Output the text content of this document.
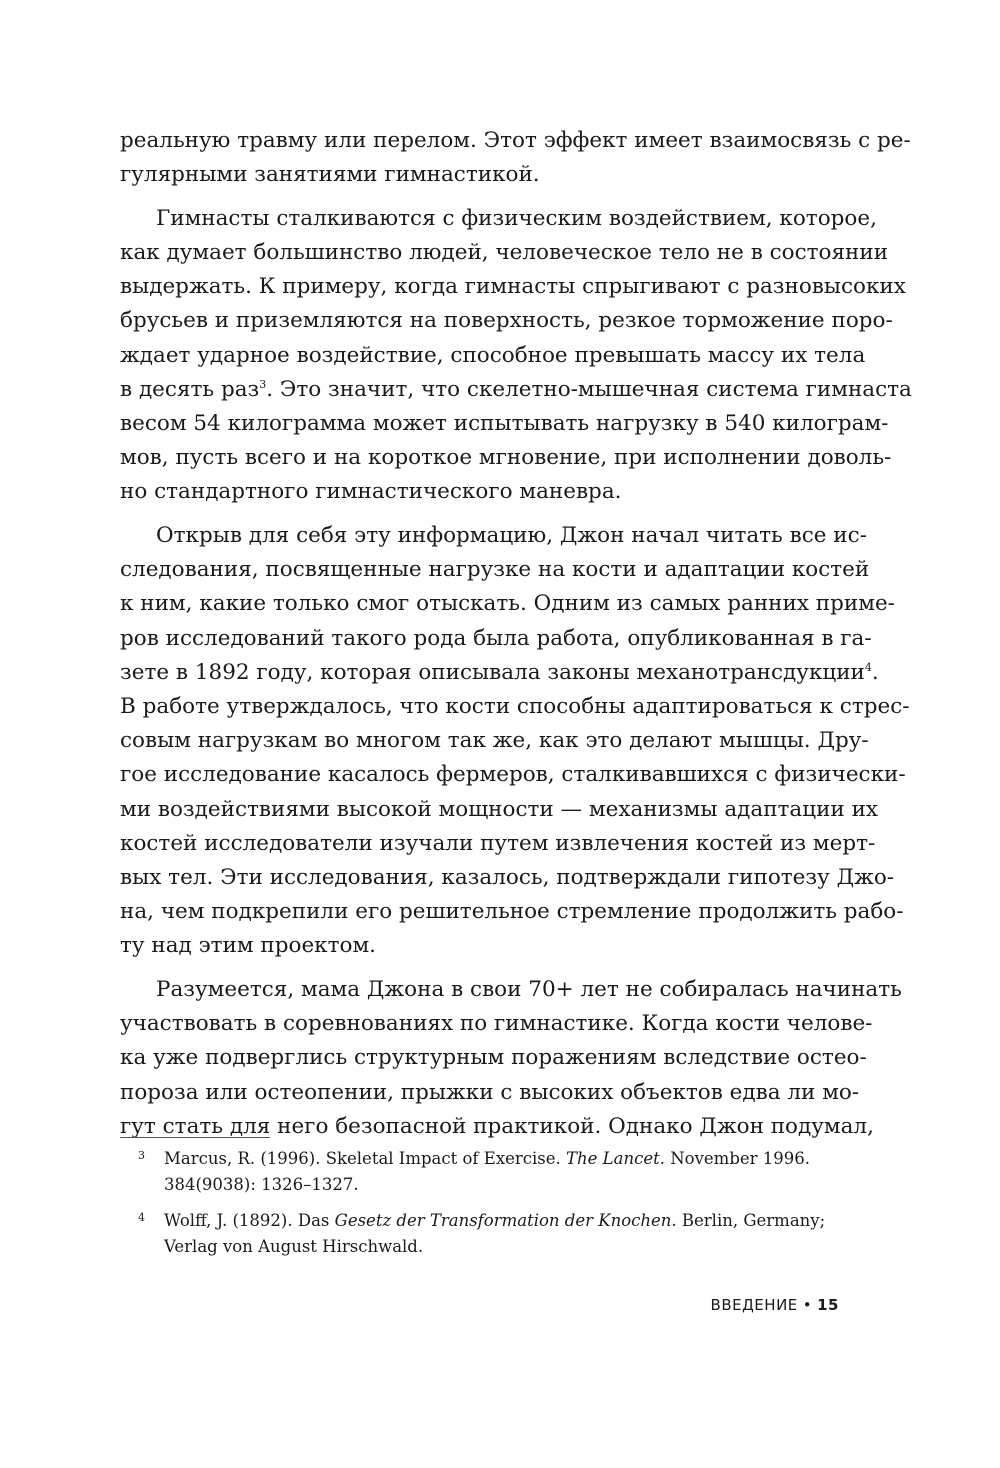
реальную травму или перелом. Этот эффект имеет взаимосвязь с ре-
гулярными занятиями гимнастикой.
Гимнасты сталкиваются с физическим воздействием, которое,
как думает большинство людей, человеческое тело не в состоянии
выдержать. К примеру, когда гимнасты спрыгивают с разновысоких
брусьев и приземляются на поверхность, резкое торможение поро-
ждает ударное воздействие, способное превышать массу их тела
в десять раз$^3$. Это значит, что скелетно-мышечная система гимнаста
весом 54 килограмма может испытывать нагрузку в 540 килограм-
мов, пусть всего и на короткое мгновение, при исполнении доволь-
но стандартного гимнастического маневра.
Открыв для себя эту информацию, Джон начал читать все ис-
следования, посвященные нагрузке на кости и адаптации костей
к ним, какие только смог отыскать. Одним из самых ранних приме-
ров исследований такого рода была работа, опубликованная в га-
зете в 1892 году, которая описывала законы механотрансдукции$^4$.
В работе утверждалось, что кости способны адаптироваться к стрес-
совым нагрузкам во многом так же, как это делают мышцы. Дру-
гое исследование касалось фермеров, сталкивавшихся с физически-
ми воздействиями высокой мощности — механизмы адаптации их
костей исследователи изучали путем извлечения костей из мерт-
вых тел. Эти исследования, казалось, подтверждали гипотезу Джо-
на, чем подкрепили его решительное стремление продолжить рабо-
ту над этим проектом.
Разумеется, мама Джона в свои 70+ лет не собиралась начинать
участвовать в соревнованиях по гимнастике. Когда кости челове-
ка уже подверглись структурным поражениям вследствие остео-
пороза или остеопении, прыжки с высоких объектов едва ли мо-
гут стать для него безопасной практикой. Однако Джон подумал,
3 Marcus, R. (1996). Skeletal Impact of Exercise. The Lancet. November 1996.
384(9038): 1326–1327.
4 Wolff, J. (1892). Das Gesetz der Transformation der Knochen. Berlin, Germany;
Verlag von August Hirschwald.
ВВЕДЕНИЕ • 15
